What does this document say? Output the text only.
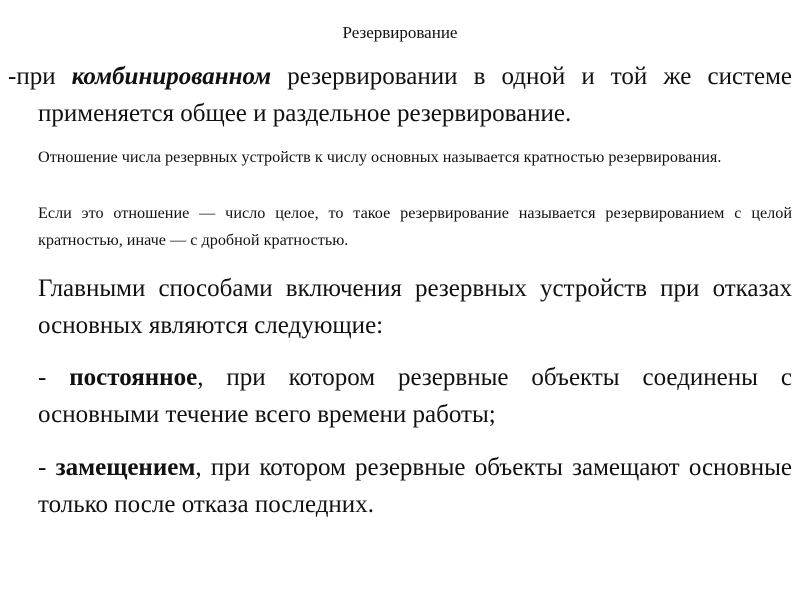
Резервирование
-при комбинированном резервировании в одной и той же системе применяется общее и раздельное резервирование.
Отношение числа резервных устройств к числу основных называется кратностью резервирования.
Если это отношение — число целое, то такое резервирование называется резервированием с целой кратностью, иначе — с дробной кратностью.
Главными способами включения резервных устройств при отказах основных являются следующие:
- постоянное, при котором резервные объекты соединены с основными течение всего времени работы;
- замещением, при котором резервные объекты замещают основные только после отказа последних.
